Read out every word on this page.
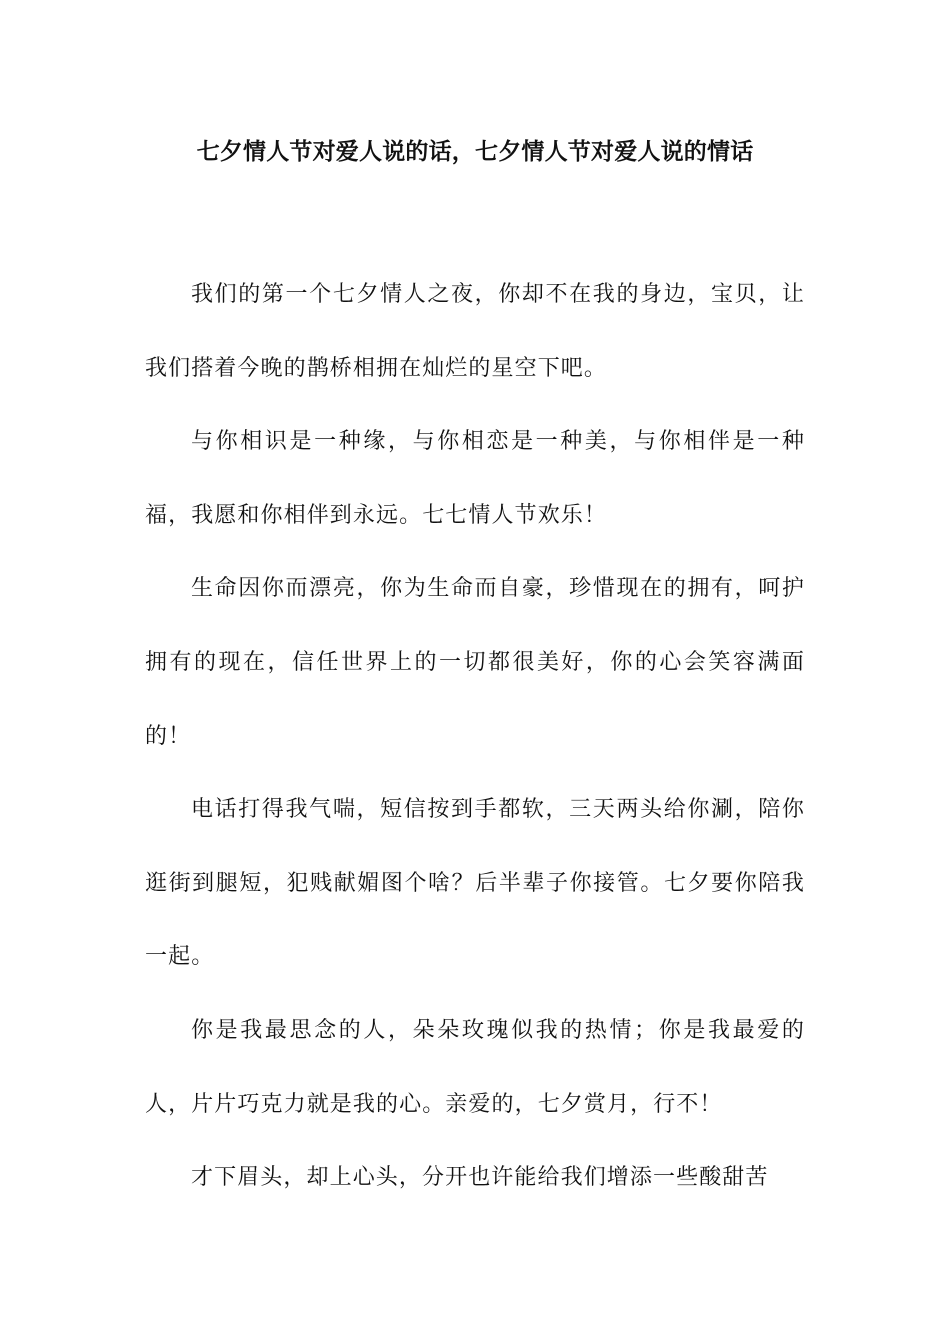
七夕情人节对爱人说的话，七夕情人节对爱人说的情话

我们的第一个七夕情人之夜，你却不在我的身边，宝贝，让我们搭着今晚的鹊桥相拥在灿烂的星空下吧。

与你相识是一种缘，与你相恋是一种美，与你相伴是一种福，我愿和你相伴到永远。七七情人节欢乐！

生命因你而漂亮，你为生命而自豪，珍惜现在的拥有，呵护拥有的现在，信任世界上的一切都很美好，你的心会笑容满面的！

电话打得我气喘，短信按到手都软，三天两头给你涮，陪你逛街到腿短，犯贱献媚图个啥？后半辈子你接管。七夕要你陪我一起。

你是我最思念的人，朵朵玫瑰似我的热情；你是我最爱的人，片片巧克力就是我的心。亲爱的，七夕赏月，行不！

才下眉头，却上心头，分开也许能给我们增添一些酸甜苦
